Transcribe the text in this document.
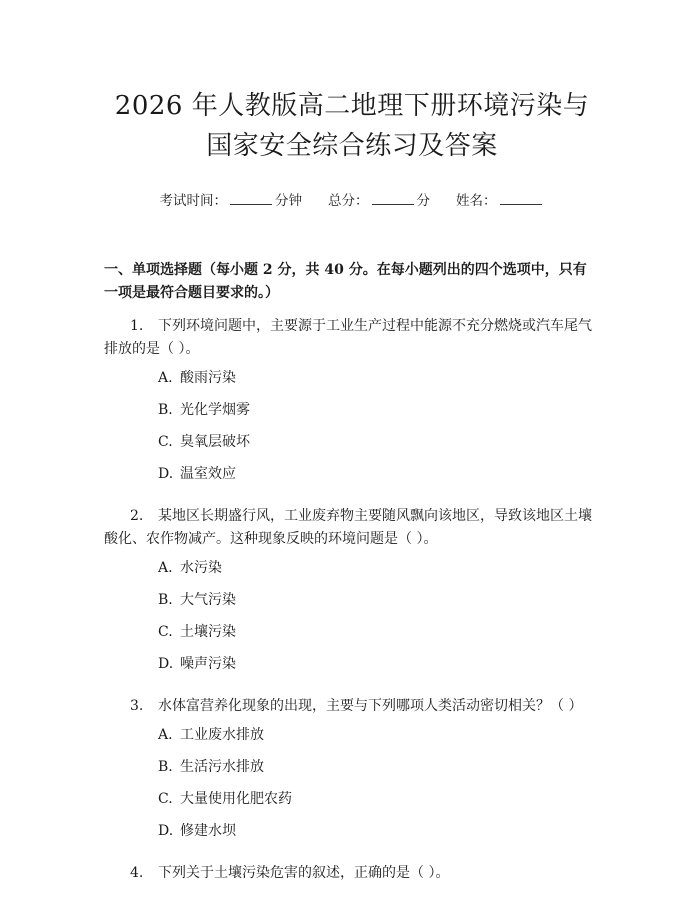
2026 年人教版高二地理下册环境污染与国家安全综合练习及答案
考试时间：	分钟 总分：	分 姓名：
一、单项选择题（每小题 2 分，共 40 分。在每小题列出的四个选项中，只有一项是最符合题目要求的。）
1. 下列环境问题中，主要源于工业生产过程中能源不充分燃烧或汽车尾气排放的是（ ）。
A. 酸雨污染
B. 光化学烟雾
C. 臭氧层破坏
D. 温室效应
2. 某地区长期盛行风，工业废弃物主要随风飘向该地区，导致该地区土壤酸化、农作物减产。这种现象反映的环境问题是（ ）。
A. 水污染
B. 大气污染
C. 土壤污染
D. 噪声污染
3. 水体富营养化现象的出现，主要与下列哪项人类活动密切相关？（ ）
A. 工业废水排放
B. 生活污水排放
C. 大量使用化肥农药
D. 修建水坝
4. 下列关于土壤污染危害的叙述，正确的是（ ）。
